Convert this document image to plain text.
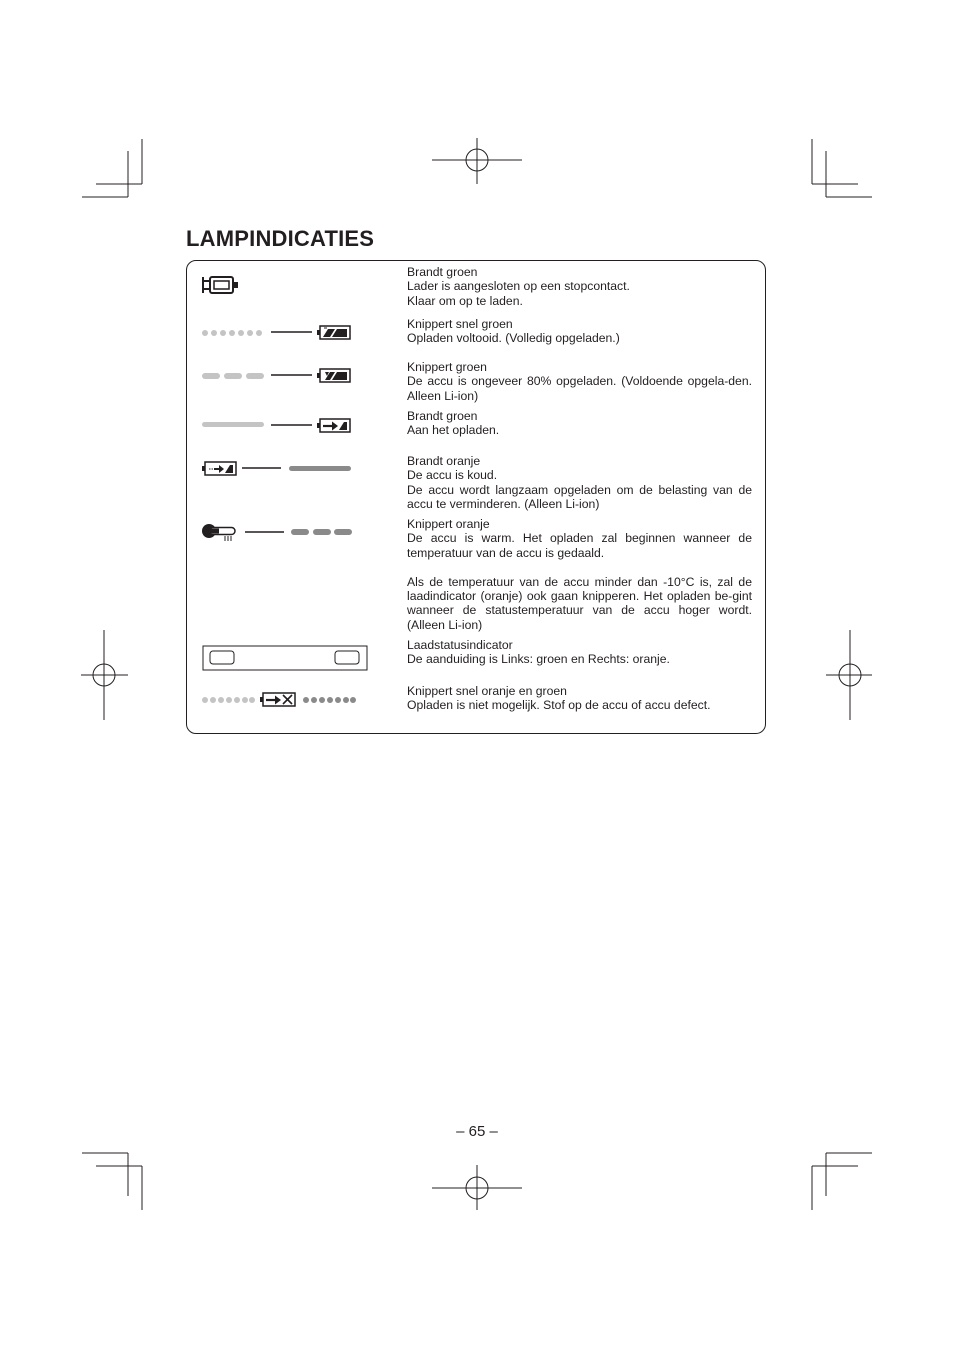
LAMPINDICATIES

Brandt groen

Lader is aangesloten op een stopcontact.

Klaar om op te laden.

Knippert snel groen

Opladen voltooid. (Volledig opgeladen.)

Knippert groen

De accu is ongeveer 80% opgeladen. (Voldoende opgela-den. Alleen Li-ion)

Brandt groen

Aan het opladen.

Brandt oranje

De accu is koud.

De accu wordt langzaam opgeladen om de belasting van de accu te verminderen. (Alleen Li-ion)

Knippert oranje

De accu is warm. Het opladen zal beginnen wanneer de temperatuur van de accu is gedaald.

Als de temperatuur van de accu minder dan -10°C is, zal de laadindicator (oranje) ook gaan knipperen. Het opladen be-gint wanneer de statustemperatuur van de accu hoger wordt. (Alleen Li-ion)

Laadstatusindicator

De aanduiding is Links: groen en Rechts: oranje.

Knippert snel oranje en groen

Opladen is niet mogelijk. Stof op de accu of accu defect.

– 65 –
